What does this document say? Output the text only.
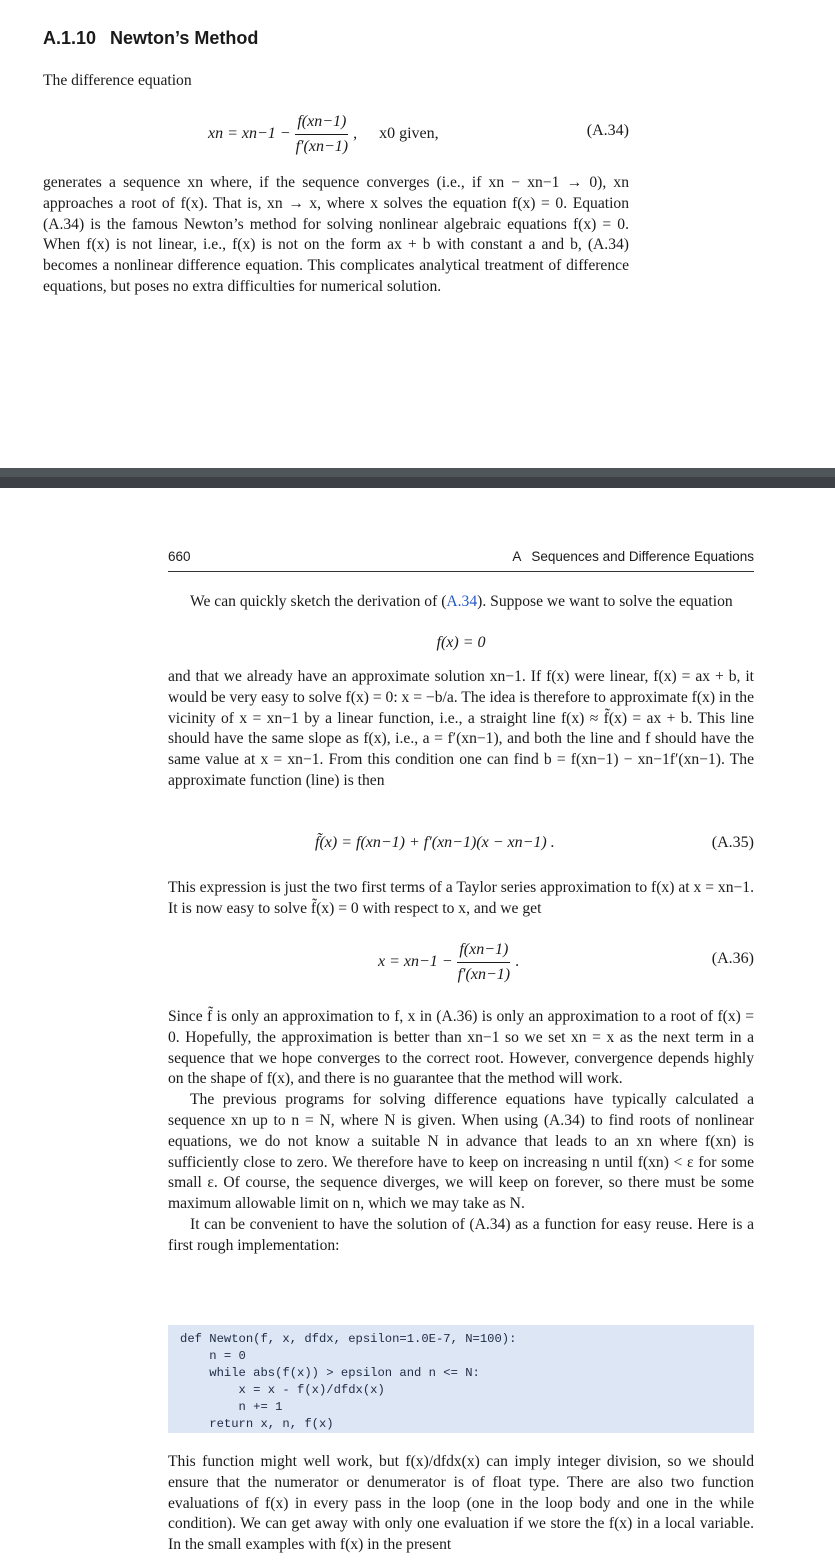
A.1.10 Newton’s Method

The difference equation

xn = $xn-1 - \frac{f(xn-1)}{f'(xn-1)}$ , x0 given,	(A.34)

generates a sequence xn where, if the sequence converges (i.e., if xn − xn−1 → 0), xn approaches a root of f(x). That is, xn → x, where x solves the equation f(x) = 0. Equation (A.34) is the famous Newton’s method for solving nonlinear algebraic equations f(x) = 0. When f(x) is not linear, i.e., f(x) is not on the form ax + b with constant a and b, (A.34) becomes a nonlinear difference equation. This complicates analytical treatment of difference equations, but poses no extra difficulties for numerical solution.

660	A Sequences and Difference Equations

We can quickly sketch the derivation of (A.34). Suppose we want to solve the equation

f(x) = 0

and that we already have an approximate solution xn−1. If f(x) were linear, f(x) = ax + b, it would be very easy to solve f(x) = 0: x = −b/a. The idea is therefore to approximate f(x) in the vicinity of x = xn−1 by a linear function, i.e., a straight line f(x) ≈ f̃(x) = ax + b. This line should have the same slope as f(x), i.e., a = f′(xn−1), and both the line and f should have the same value at x = xn−1. From this condition one can find b = f(xn−1) − xn−1f′(xn−1). The approximate function (line) is then

f̃(x) = f(xn−1) + f′(xn−1)(x − xn−1) .	(A.35)

This expression is just the two first terms of a Taylor series approximation to f(x) at x = xn−1. It is now easy to solve f̃(x) = 0 with respect to x, and we get

$x = xn-1 - \frac{f(xn-1)}{f'(xn-1)}$ .	(A.36)

Since f̃ is only an approximation to f, x in (A.36) is only an approximation to a root of f(x) = 0. Hopefully, the approximation is better than xn−1 so we set xn = x as the next term in a sequence that we hope converges to the correct root. However, convergence depends highly on the shape of f(x), and there is no guarantee that the method will work.

The previous programs for solving difference equations have typically calculated a sequence xn up to n = N, where N is given. When using (A.34) to find roots of nonlinear equations, we do not know a suitable N in advance that leads to an xn where f(xn) is sufficiently close to zero. We therefore have to keep on increasing n until f(xn) < ε for some small ε. Of course, the sequence diverges, we will keep on forever, so there must be some maximum allowable limit on n, which we may take as N.

It can be convenient to have the solution of (A.34) as a function for easy reuse. Here is a first rough implementation:

def Newton(f, x, dfdx, epsilon=1.0E-7, N=100):
n = 0
while abs(f(x)) > epsilon and n <= N:
x = x - f(x)/dfdx(x)
n += 1
return x, n, f(x)

This function might well work, but f(x)/dfdx(x) can imply integer division, so we should ensure that the numerator or denumerator is of float type. There are also two function evaluations of f(x) in every pass in the loop (one in the loop body and one in the while condition). We can get away with only one evaluation if we store the f(x) in a local variable. In the small examples with f(x) in the present
